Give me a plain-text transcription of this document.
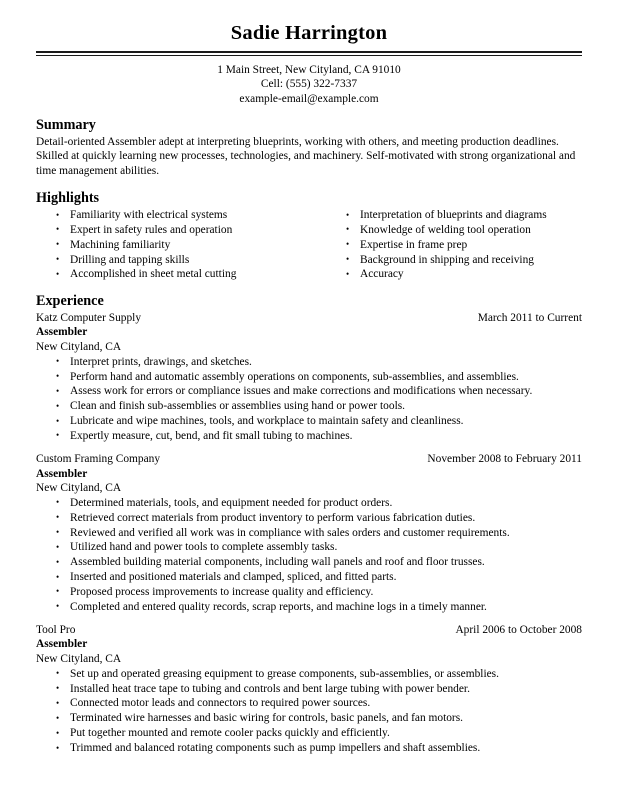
Sadie Harrington
1 Main Street, New Cityland, CA 91010
Cell: (555) 322-7337
example-email@example.com
Summary

Detail-oriented Assembler adept at interpreting blueprints, working with others, and meeting production deadlines. Skilled at quickly learning new processes, technologies, and machinery. Self-motivated with strong organizational and time management abilities.

Highlights
• Familiarity with electrical systems
• Expert in safety rules and operation
• Machining familiarity
• Drilling and tapping skills
• Accomplished in sheet metal cutting
• Interpretation of blueprints and diagrams
• Knowledge of welding tool operation
• Expertise in frame prep
• Background in shipping and receiving
• Accuracy
Experience
Katz Computer Supply	March 2011 to Current
Assembler
New Cityland, CA
• Interpret prints, drawings, and sketches.
• Perform hand and automatic assembly operations on components, sub-assemblies, and assemblies.
• Assess work for errors or compliance issues and make corrections and modifications when necessary.
• Clean and finish sub-assemblies or assemblies using hand or power tools.
• Lubricate and wipe machines, tools, and workplace to maintain safety and cleanliness.
• Expertly measure, cut, bend, and fit small tubing to machines.
Custom Framing Company	November 2008 to February 2011
Assembler
New Cityland, CA
• Determined materials, tools, and equipment needed for product orders.
• Retrieved correct materials from product inventory to perform various fabrication duties.
• Reviewed and verified all work was in compliance with sales orders and customer requirements.
• Utilized hand and power tools to complete assembly tasks.
• Assembled building material components, including wall panels and roof and floor trusses.
• Inserted and positioned materials and clamped, spliced, and fitted parts.
• Proposed process improvements to increase quality and efficiency.
• Completed and entered quality records, scrap reports, and machine logs in a timely manner.
Tool Pro	April 2006 to October 2008
Assembler
New Cityland, CA
• Set up and operated greasing equipment to grease components, sub-assemblies, or assemblies.
• Installed heat trace tape to tubing and controls and bent large tubing with power bender.
• Connected motor leads and connectors to required power sources.
• Terminated wire harnesses and basic wiring for controls, basic panels, and fan motors.
• Put together mounted and remote cooler packs quickly and efficiently.
• Trimmed and balanced rotating components such as pump impellers and shaft assemblies.
